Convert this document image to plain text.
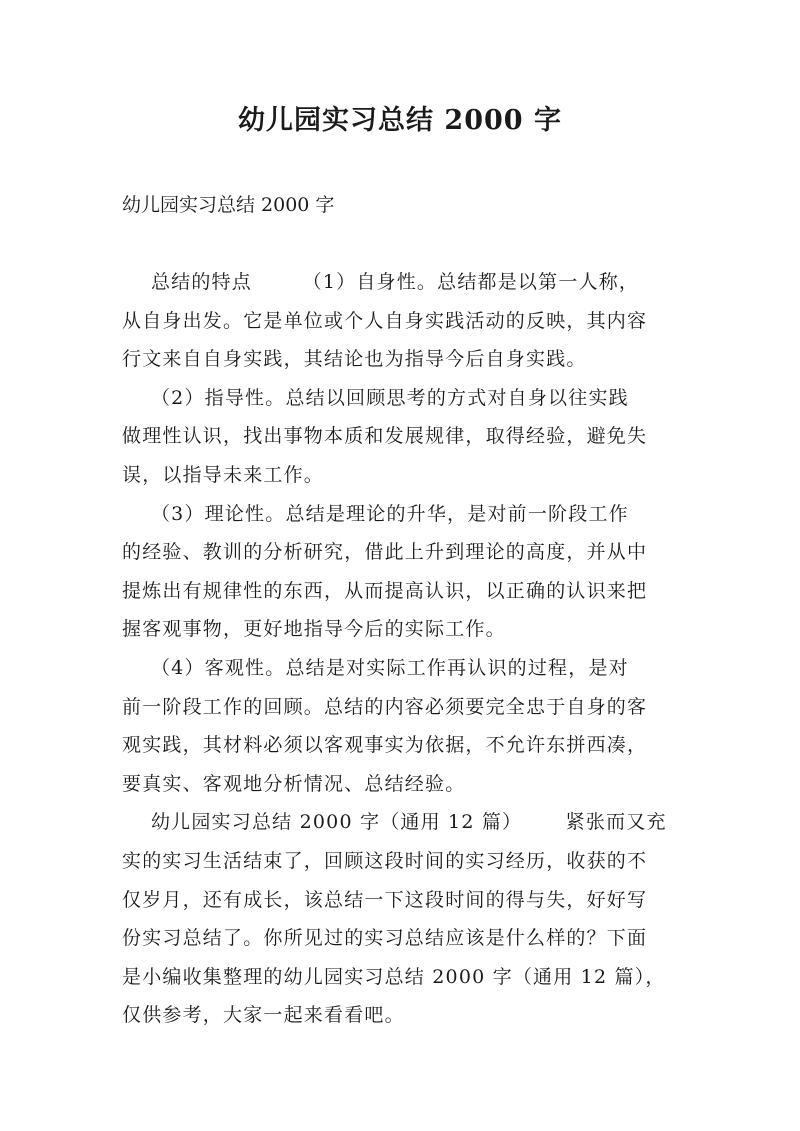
幼儿园实习总结 2000 字

幼儿园实习总结 2000 字

总结的特点       （1）自身性。总结都是以第一人称，
从自身出发。它是单位或个人自身实践活动的反映，其内容
行文来自自身实践，其结论也为指导今后自身实践。
（2）指导性。总结以回顾思考的方式对自身以往实践
做理性认识，找出事物本质和发展规律，取得经验，避免失
误，以指导未来工作。
（3）理论性。总结是理论的升华，是对前一阶段工作
的经验、教训的分析研究，借此上升到理论的高度，并从中
提炼出有规律性的东西，从而提高认识，以正确的认识来把
握客观事物，更好地指导今后的实际工作。
（4）客观性。总结是对实际工作再认识的过程，是对
前一阶段工作的回顾。总结的内容必须要完全忠于自身的客
观实践，其材料必须以客观事实为依据，不允许东拼西凑，
要真实、客观地分析情况、总结经验。
幼儿园实习总结 2000 字（通用 12 篇）      紧张而又充
实的实习生活结束了，回顾这段时间的实习经历，收获的不
仅岁月，还有成长，该总结一下这段时间的得与失，好好写
份实习总结了。你所见过的实习总结应该是什么样的？下面
是小编收集整理的幼儿园实习总结 2000 字（通用 12 篇），
仅供参考，大家一起来看看吧。
